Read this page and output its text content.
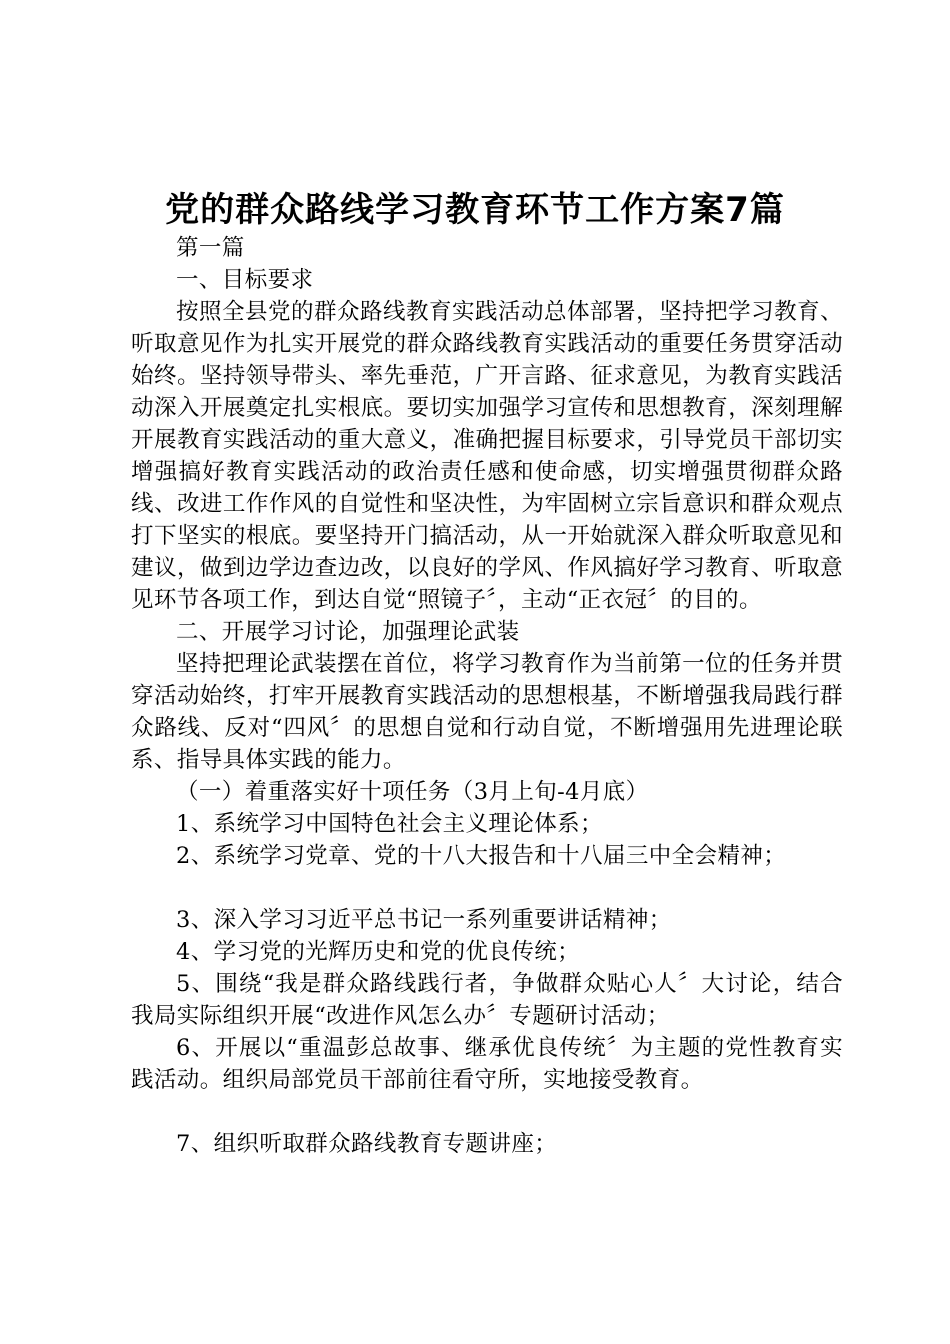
党的群众路线学习教育环节工作方案7篇

第一篇

一、目标要求

按照全县党的群众路线教育实践活动总体部署，坚持把学习教育、听取意见作为扎实开展党的群众路线教育实践活动的重要任务贯穿活动始终。坚持领导带头、率先垂范，广开言路、征求意见，为教育实践活动深入开展奠定扎实根底。要切实加强学习宣传和思想教育，深刻理解开展教育实践活动的重大意义，准确把握目标要求，引导党员干部切实增强搞好教育实践活动的政治责任感和使命感，切实增强贯彻群众路线、改进工作作风的自觉性和坚决性，为牢固树立宗旨意识和群众观点打下坚实的根底。要坚持开门搞活动，从一开始就深入群众听取意见和建议，做到边学边查边改，以良好的学风、作风搞好学习教育、听取意见环节各项工作，到达自觉“照镜子〞，主动“正衣冠〞的目的。

二、开展学习讨论，加强理论武装

坚持把理论武装摆在首位，将学习教育作为当前第一位的任务并贯穿活动始终，打牢开展教育实践活动的思想根基，不断增强我局践行群众路线、反对“四风〞的思想自觉和行动自觉，不断增强用先进理论联系、指导具体实践的能力。

（一）着重落实好十项任务（3月上旬-4月底）

1、系统学习中国特色社会主义理论体系；

2、系统学习党章、党的十八大报告和十八届三中全会精神；

3、深入学习习近平总书记一系列重要讲话精神；

4、学习党的光辉历史和党的优良传统；

5、围绕“我是群众路线践行者，争做群众贴心人〞大讨论，结合我局实际组织开展“改进作风怎么办〞专题研讨活动；

6、开展以“重温彭总故事、继承优良传统〞为主题的党性教育实践活动。组织局部党员干部前往看守所，实地接受教育。

7、组织听取群众路线教育专题讲座；
